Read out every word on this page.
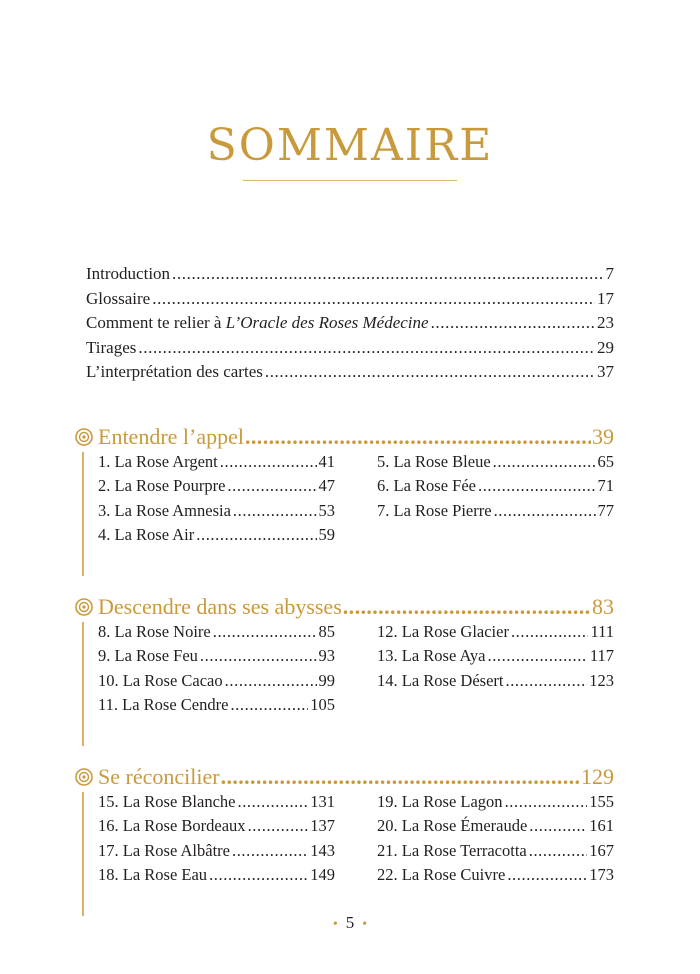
SOMMAIRE
Introduction .....	7
Glossaire .....	17
Comment te relier à L’Oracle des Roses Médecine .....	23
Tirages .....	29
L’interprétation des cartes .....	37
Entendre l’appel .....	39
1. La Rose Argent .....	41
2. La Rose Pourpre .....	47
3. La Rose Amnesia .....	53
4. La Rose Air .....	59
5. La Rose Bleue .....	65
6. La Rose Fée .....	71
7. La Rose Pierre .....	77
Descendre dans ses abysses .....	83
8. La Rose Noire .....	85
9. La Rose Feu .....	93
10. La Rose Cacao .....	99
11. La Rose Cendre .....	105
12. La Rose Glacier .....	111
13. La Rose Aya .....	117
14. La Rose Désert .....	123
Se réconcilier .....	129
15. La Rose Blanche .....	131
16. La Rose Bordeaux .....	137
17. La Rose Albâtre .....	143
18. La Rose Eau .....	149
19. La Rose Lagon .....	155
20. La Rose Émeraude .....	161
21. La Rose Terracotta .....	167
22. La Rose Cuivre .....	173
• 5 •
